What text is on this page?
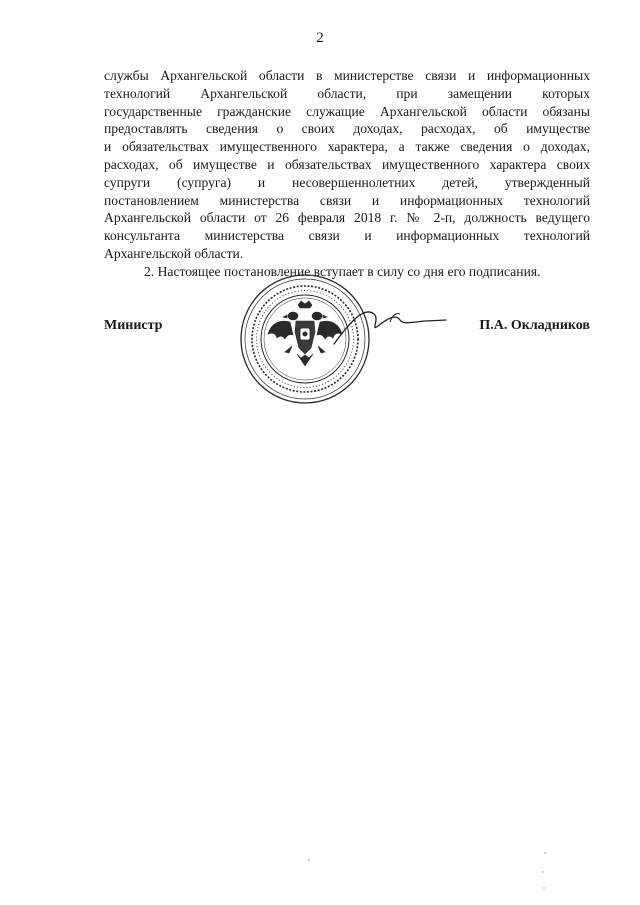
2
службы Архангельской области в министерстве связи и информационных
технологий Архангельской области, при замещении которых
государственные гражданские служащие Архангельской области обязаны
предоставлять сведения о своих доходах, расходах, об имуществе
и обязательствах имущественного характера, а также сведения о доходах,
расходах, об имуществе и обязательствах имущественного характера своих
супруги (супруга) и несовершеннолетних детей, утвержденный
постановлением министерства связи и информационных технологий
Архангельской области от 26 февраля 2018 г. № 2-п, должность ведущего
консультанта министерства связи и информационных технологий
Архангельской области.
2. Настоящее постановление вступает в силу со дня его подписания.
Министр	П.А. Окладников
